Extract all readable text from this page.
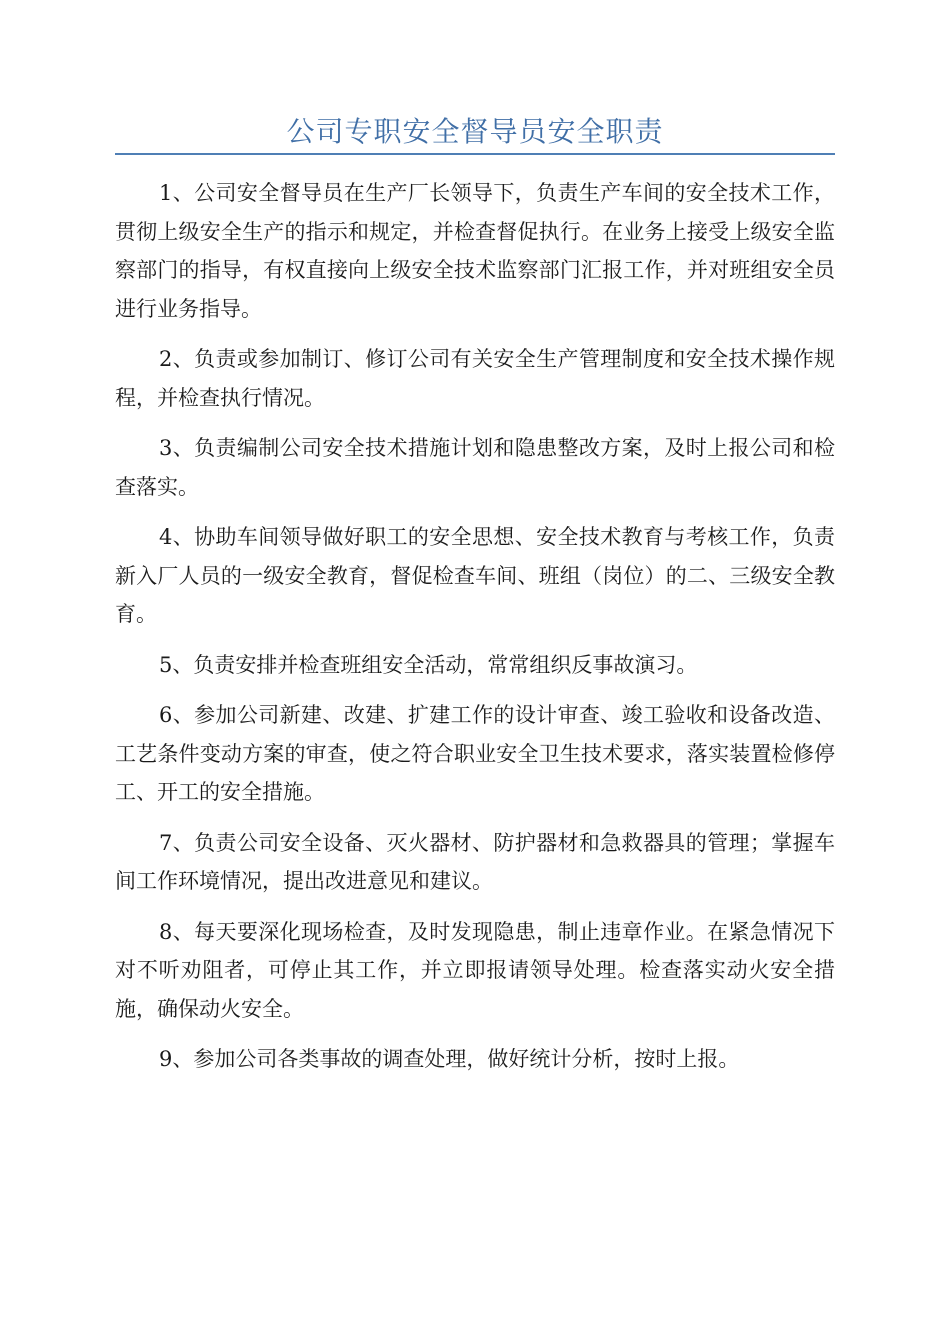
公司专职安全督导员安全职责

1、公司安全督导员在生产厂长领导下，负责生产车间的安全技术工作，贯彻上级安全生产的指示和规定，并检查督促执行。在业务上接受上级安全监察部门的指导，有权直接向上级安全技术监察部门汇报工作，并对班组安全员进行业务指导。

2、负责或参加制订、修订公司有关安全生产管理制度和安全技术操作规程，并检查执行情况。

3、负责编制公司安全技术措施计划和隐患整改方案，及时上报公司和检查落实。

4、协助车间领导做好职工的安全思想、安全技术教育与考核工作，负责新入厂人员的一级安全教育，督促检查车间、班组（岗位）的二、三级安全教育。

5、负责安排并检查班组安全活动，常常组织反事故演习。

6、参加公司新建、改建、扩建工作的设计审查、竣工验收和设备改造、工艺条件变动方案的审查，使之符合职业安全卫生技术要求，落实装置检修停工、开工的安全措施。

7、负责公司安全设备、灭火器材、防护器材和急救器具的管理；掌握车间工作环境情况，提出改进意见和建议。

8、每天要深化现场检查，及时发现隐患，制止违章作业。在紧急情况下对不听劝阻者，可停止其工作，并立即报请领导处理。检查落实动火安全措施，确保动火安全。

9、参加公司各类事故的调查处理，做好统计分析，按时上报。
